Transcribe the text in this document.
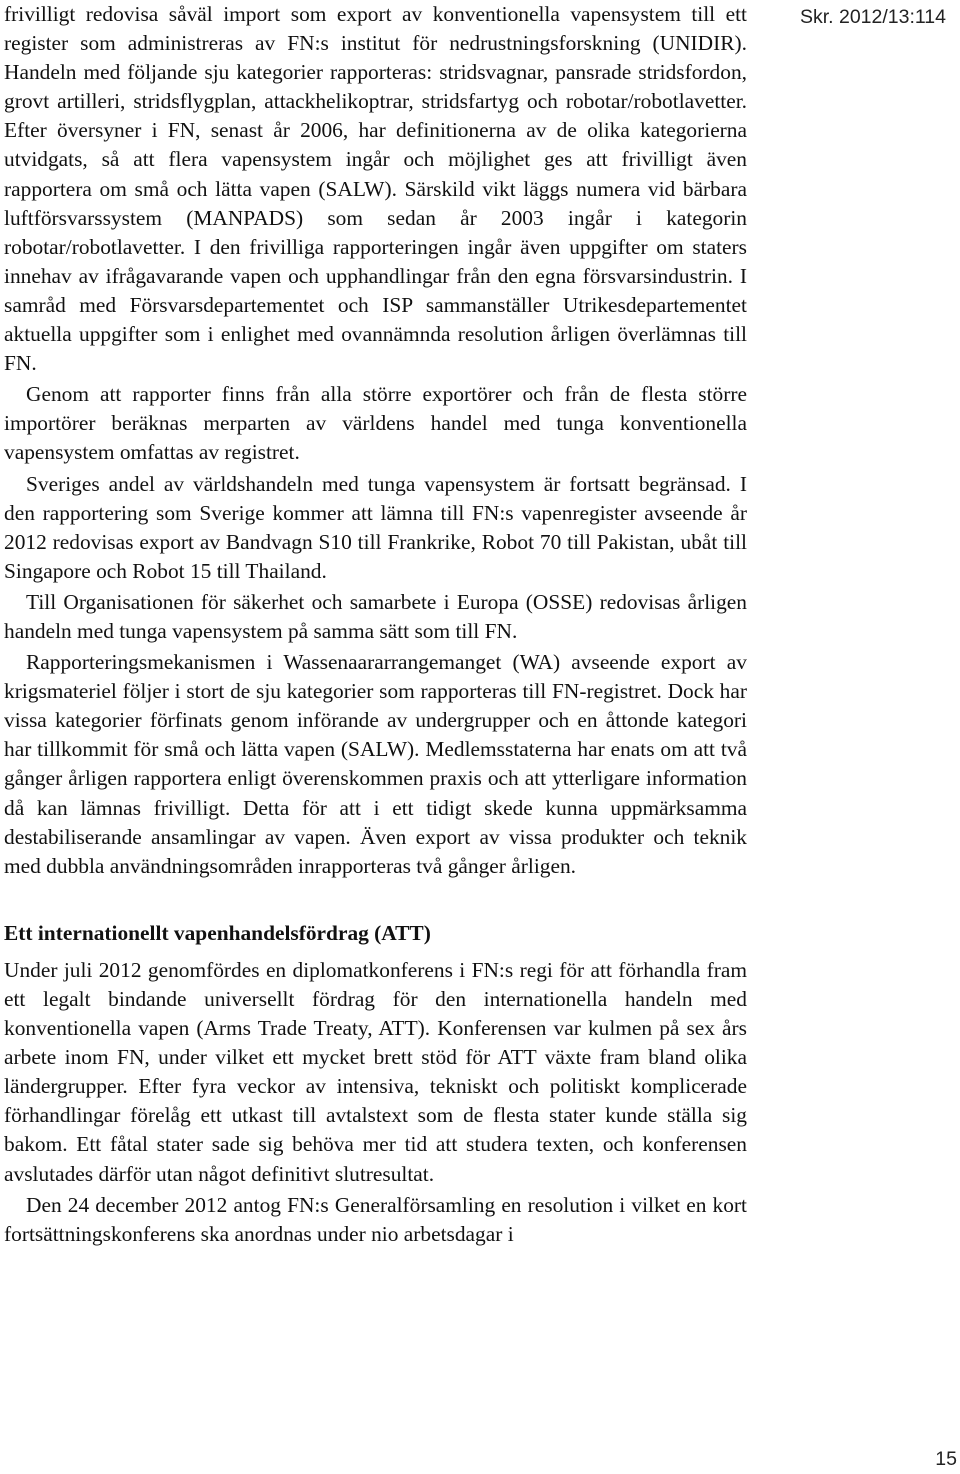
Skr. 2012/13:114

frivilligt redovisa såväl import som export av konventionella vapensystem till ett register som administreras av FN:s institut för nedrustningsforskning (UNIDIR). Handeln med följande sju kategorier rapporteras: stridsvagnar, pansrade stridsfordon, grovt artilleri, stridsflygplan, attackhelikoptrar, stridsfartyg och robotar/robotlavetter. Efter översyner i FN, senast år 2006, har definitionerna av de olika kategorierna utvidgats, så att flera vapensystem ingår och möjlighet ges att frivilligt även rapportera om små och lätta vapen (SALW). Särskild vikt läggs numera vid bärbara luftförsvarssystem (MANPADS) som sedan år 2003 ingår i kategorin robotar/robotlavetter. I den frivilliga rapporteringen ingår även uppgifter om staters innehav av ifrågavarande vapen och upphandlingar från den egna försvarsindustrin. I samråd med Försvarsdepartementet och ISP sammanställer Utrikesdepartementet aktuella uppgifter som i enlighet med ovannämnda resolution årligen överlämnas till FN.

Genom att rapporter finns från alla större exportörer och från de flesta större importörer beräknas merparten av världens handel med tunga konventionella vapensystem omfattas av registret.

Sveriges andel av världshandeln med tunga vapensystem är fortsatt begränsad. I den rapportering som Sverige kommer att lämna till FN:s vapenregister avseende år 2012 redovisas export av Bandvagn S10 till Frankrike, Robot 70 till Pakistan, ubåt till Singapore och Robot 15 till Thailand.

Till Organisationen för säkerhet och samarbete i Europa (OSSE) redovisas årligen handeln med tunga vapensystem på samma sätt som till FN.

Rapporteringsmekanismen i Wassenaararrangemanget (WA) avseende export av krigsmateriel följer i stort de sju kategorier som rapporteras till FN-registret. Dock har vissa kategorier förfinats genom införande av undergrupper och en åttonde kategori har tillkommit för små och lätta vapen (SALW). Medlemsstaterna har enats om att två gånger årligen rapportera enligt överenskommen praxis och att ytterligare information då kan lämnas frivilligt. Detta för att i ett tidigt skede kunna uppmärksamma destabiliserande ansamlingar av vapen. Även export av vissa produkter och teknik med dubbla användningsområden inrapporteras två gånger årligen.

Ett internationellt vapenhandelsfördrag (ATT)

Under juli 2012 genomfördes en diplomatkonferens i FN:s regi för att förhandla fram ett legalt bindande universellt fördrag för den internationella handeln med konventionella vapen (Arms Trade Treaty, ATT). Konferensen var kulmen på sex års arbete inom FN, under vilket ett mycket brett stöd för ATT växte fram bland olika ländergrupper. Efter fyra veckor av intensiva, tekniskt och politiskt komplicerade förhandlingar förelåg ett utkast till avtalstext som de flesta stater kunde ställa sig bakom. Ett fåtal stater sade sig behöva mer tid att studera texten, och konferensen avslutades därför utan något definitivt slutresultat.

Den 24 december 2012 antog FN:s Generalförsamling en resolution i vilket en kort fortsättningskonferens ska anordnas under nio arbetsdagar i

15
